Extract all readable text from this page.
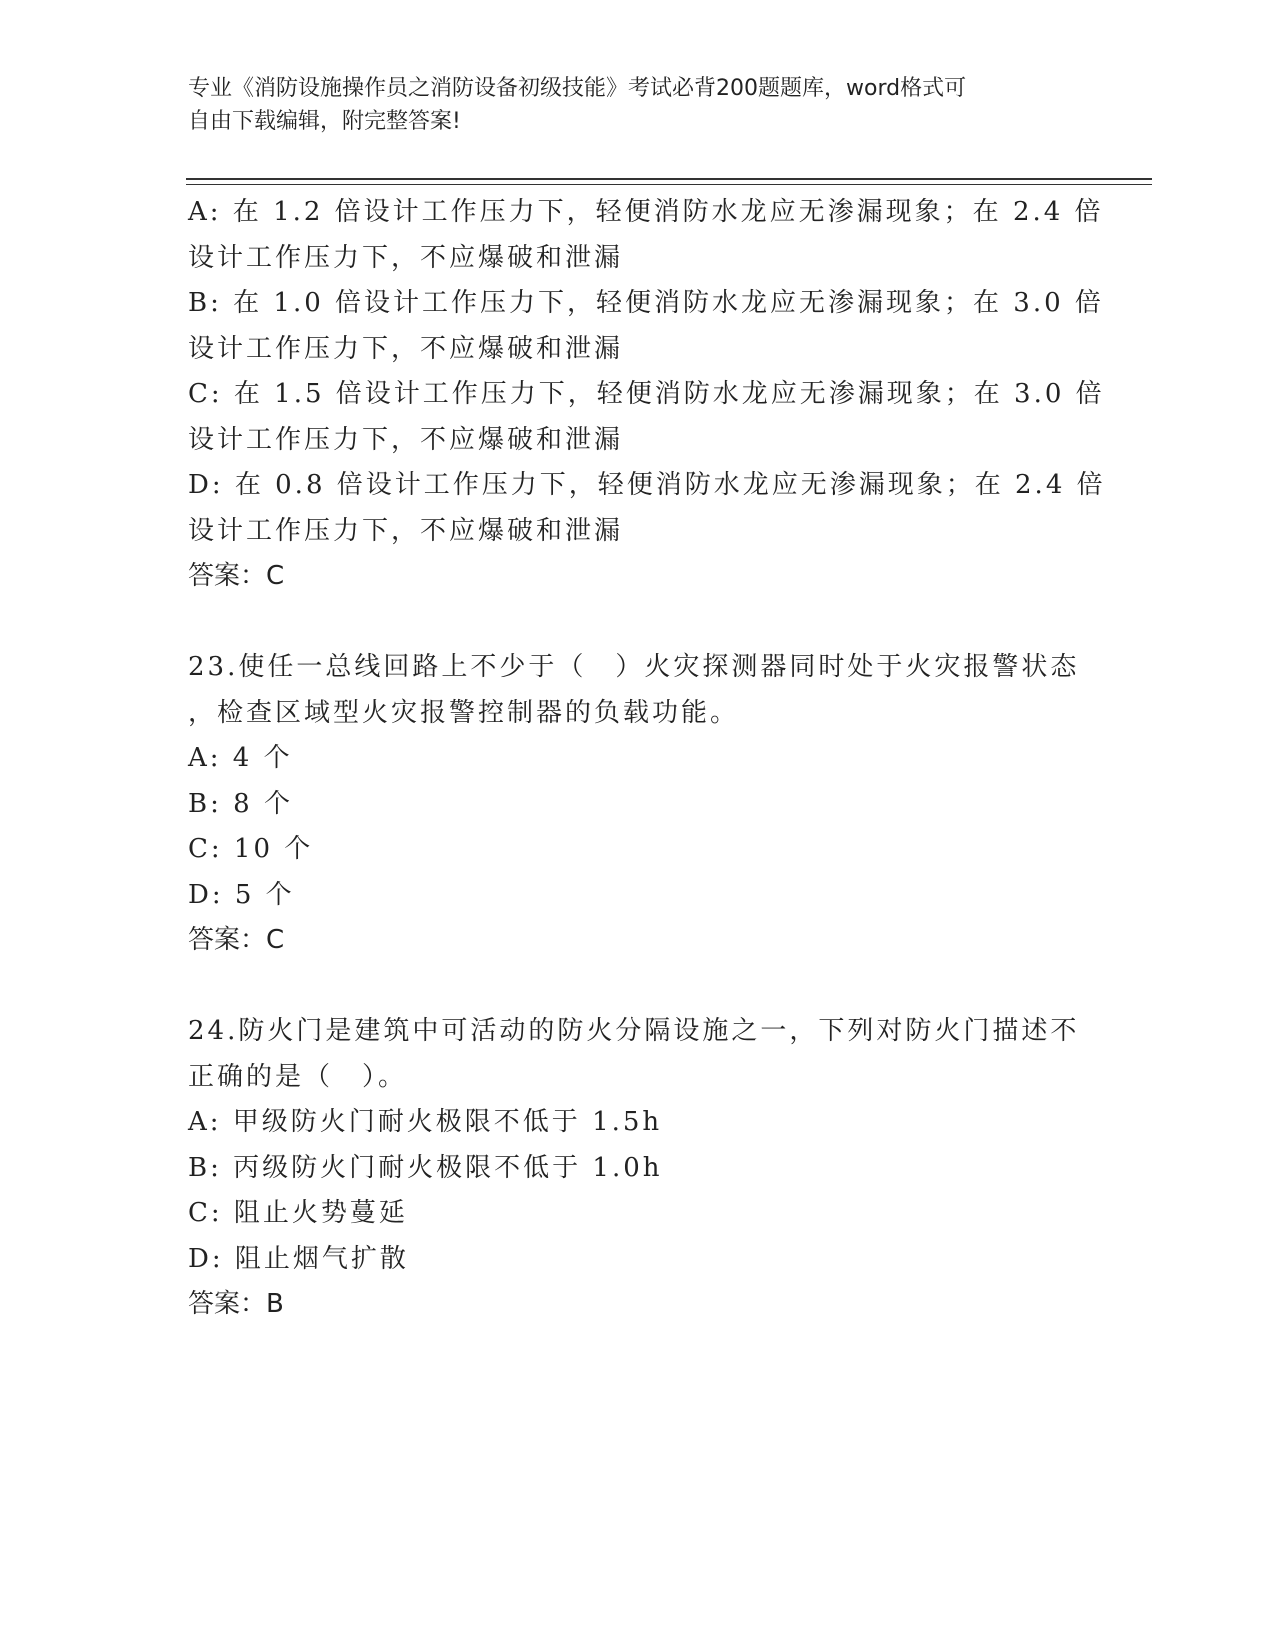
专业《消防设施操作员之消防设备初级技能》考试必背200题题库，word格式可
自由下载编辑，附完整答案!

A: 在 1.2 倍设计工作压力下，轻便消防水龙应无渗漏现象；在 2.4 倍

设计工作压力下，不应爆破和泄漏

B: 在 1.0 倍设计工作压力下，轻便消防水龙应无渗漏现象；在 3.0 倍

设计工作压力下，不应爆破和泄漏

C: 在 1.5 倍设计工作压力下，轻便消防水龙应无渗漏现象；在 3.0 倍

设计工作压力下，不应爆破和泄漏

D: 在 0.8 倍设计工作压力下，轻便消防水龙应无渗漏现象；在 2.4 倍

设计工作压力下，不应爆破和泄漏

答案：C

23.使任一总线回路上不少于（　）火灾探测器同时处于火灾报警状态

，检查区域型火灾报警控制器的负载功能。

A: 4 个

B: 8 个

C: 10 个

D: 5 个

答案：C

24.防火门是建筑中可活动的防火分隔设施之一，下列对防火门描述不

正确的是（　）。

A: 甲级防火门耐火极限不低于 1.5h

B: 丙级防火门耐火极限不低于 1.0h

C: 阻止火势蔓延

D: 阻止烟气扩散

答案：B
